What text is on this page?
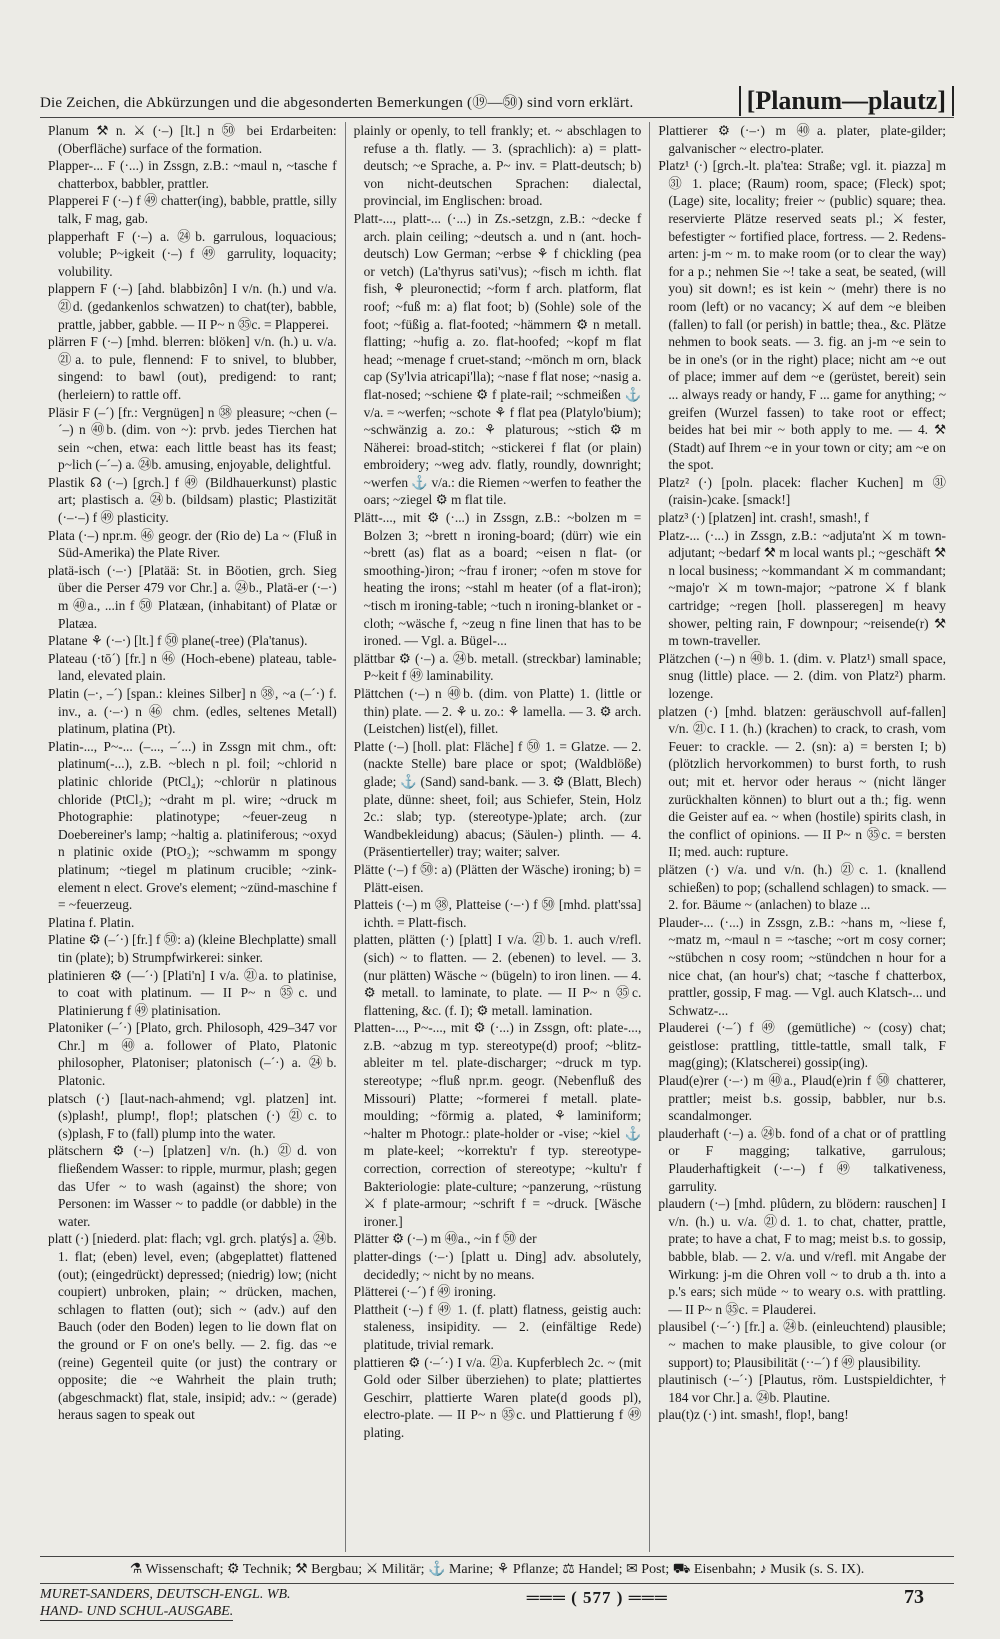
Die Zeichen, die Abkürzungen und die abgesonderten Bemerkungen (⑲—㊿) sind vorn erklärt.	[Planum—plautz]

Planum ⚒ n. ⚔ (·–) [lt.] n ㊿ bei Erdarbeiten: (Oberfläche) surface of the formation.

Plapper-... F (·...) in Zssgn, z.B.: ~maul n, ~tasche f chatterbox, babbler, prattler.

Plapperei F (·–) f ㊾ chatter(ing), babble, prattle, silly talk, F mag, gab.

plapperhaft F (·–) a. ㉔b. garrulous, loquacious; voluble; P~igkeit (·–) f ㊾ garrulity, loquacity; volubility.

plappern F (·–) [ahd. blabbizôn] I v/n. (h.) und v/a. ㉑d. (gedankenlos schwatzen) to chat(ter), babble, prattle, jabber, gabble. — II P~ n ㉟c. = Plapperei.

plärren F (·–) [mhd. blerren: blöken] v/n. (h.) u. v/a. ㉑a. to pule, flennend: F to snivel, to blubber, singend: to bawl (out), predigend: to rant; (herleiern) to rattle off.

Pläsir F (–´) [fr.: Vergnügen] n ㊳ pleasure; ~chen (–´–) n ㊵b. (dim. von ~): prvb. jedes Tierchen hat sein ~chen, etwa: each little beast has its feast; p~lich (–´–) a. ㉔b. amusing, enjoyable, delightful.

Plastik ☊ (·–) [grch.] f ㊾ (Bildhauerkunst) plastic art; plastisch a. ㉔b. (bildsam) plastic; Plastizität (·–·–) f ㊾ plasticity.

Plata (·–) npr.m. ㊻ geogr. der (Rio de) La ~ (Fluß in Süd-Amerika) the Plate River.

platä-isch (·–·) [Platää: St. in Böotien, grch. Sieg über die Perser 479 vor Chr.] a. ㉔b., Platä-er (·–·) m ㊵a., ...in f ㊿ Platæan, (inhabitant) of Platæ or Platæa.

Platane ⚘ (·–·) [lt.] f ㊿ plane(-tree) (Pla'tanus).

Plateau (·tō´) [fr.] n ㊻ (Hoch-ebene) plateau, table-land, elevated plain.

Platin (–·, –´) [span.: kleines Silber] n ㊳, ~a (–´·) f. inv., a. (·–·) n ㊻ chm. (edles, seltenes Metall) platinum, platina (Pt).

Platin-..., P~-... (–..., –´...) in Zssgn mit chm., oft: platinum(-...), z.B. ~blech n pl. foil; ~chlorid n platinic chloride (PtCl₄); ~chlorür n platinous chloride (PtCl₂); ~draht m pl. wire; ~druck m Photographie: platinotype; ~feuer-zeug n Doebereiner's lamp; ~haltig a. platiniferous; ~oxyd n platinic oxide (PtO₂); ~schwamm m spongy platinum; ~tiegel m platinum crucible; ~zink-element n elect. Grove's element; ~zünd-maschine f = ~feuerzeug.

Platina f. Platin.

Platine ⚙ (–´·) [fr.] f ㊿: a) (kleine Blechplatte) small tin (plate); b) Strumpfwirkerei: sinker.

platinieren ⚙ (––´·) [Plati'n] I v/a. ㉑a. to platinise, to coat with platinum. — II P~ n ㉟c. und Platinierung f ㊾ platinisation.

Platoniker (–´·) [Plato, grch. Philosoph, 429–347 vor Chr.] m ㊵a. follower of Plato, Platonic philosopher, Platoniser; platonisch (–´·) a. ㉔b. Platonic.

platsch (·) [laut-nach-ahmend; vgl. platzen] int. (s)plash!, plump!, flop!; platschen (·) ㉑c. to (s)plash, F to (fall) plump into the water.

plätschern ⚙ (·–) [platzen] v/n. (h.) ㉑d. von fließendem Wasser: to ripple, murmur, plash; gegen das Ufer ~ to wash (against) the shore; von Personen: im Wasser ~ to paddle (or dabble) in the water.

platt (·) [niederd. plat: flach; vgl. grch. platýs] a. ㉔b. 1. flat; (eben) level, even; (abgeplattet) flattened (out); (eingedrückt) depressed; (niedrig) low; (nicht coupiert) unbroken, plain; ~ drücken, machen, schlagen to flatten (out); sich ~ (adv.) auf den Bauch (oder den Boden) legen to lie down flat on the ground or F on one's belly. — 2. fig. das ~e (reine) Gegenteil quite (or just) the contrary or opposite; die ~e Wahrheit the plain truth; (abgeschmackt) flat, stale, insipid; adv.: ~ (gerade) heraus sagen to speak out

plainly or openly, to tell frankly; et. ~ abschlagen to refuse a th. flatly. — 3. (sprachlich): a) = platt-deutsch; ~e Sprache, a. P~ inv. = Platt-deutsch; b) von nicht-deutschen Sprachen: dialectal, provincial, im Englischen: broad.

Platt-..., platt-... (·...) in Zs.-setzgn, z.B.: ~decke f arch. plain ceiling; ~deutsch a. und n (ant. hoch-deutsch) Low German; ~erbse ⚘ f chickling (pea or vetch) (La'thyrus sati'vus); ~fisch m ichth. flat fish, ⚘ pleuronectid; ~form f arch. platform, flat roof; ~fuß m: a) flat foot; b) (Sohle) sole of the foot; ~füßig a. flat-footed; ~hämmern ⚙ n metall. flatting; ~hufig a. zo. flat-hoofed; ~kopf m flat head; ~menage f cruet-stand; ~mönch m orn, black cap (Sy'lvia atricapi'lla); ~nase f flat nose; ~nasig a. flat-nosed; ~schiene ⚙ f plate-rail; ~schmeißen ⚓ v/a. = ~werfen; ~schote ⚘ f flat pea (Platylo'bium); ~schwänzig a. zo.: ⚘ platurous; ~stich ⚙ m Näherei: broad-stitch; ~stickerei f flat (or plain) embroidery; ~weg adv. flatly, roundly, downright; ~werfen ⚓ v/a.: die Riemen ~werfen to feather the oars; ~ziegel ⚙ m flat tile.

Plätt-..., mit ⚙ (·...) in Zssgn, z.B.: ~bolzen m = Bolzen 3; ~brett n ironing-board; (dürr) wie ein ~brett (as) flat as a board; ~eisen n flat- (or smoothing-)iron; ~frau f ironer; ~ofen m stove for heating the irons; ~stahl m heater (of a flat-iron); ~tisch m ironing-table; ~tuch n ironing-blanket or -cloth; ~wäsche f, ~zeug n fine linen that has to be ironed. — Vgl. a. Bügel-...

plättbar ⚙ (·–) a. ㉔b. metall. (streckbar) laminable; P~keit f ㊾ laminability.

Plättchen (·–) n ㊵b. (dim. von Platte) 1. (little or thin) plate. — 2. ⚘ u. zo.: ⚘ lamella. — 3. ⚙ arch. (Leistchen) list(el), fillet.

Platte (·–) [holl. plat: Fläche] f ㊿ 1. = Glatze. — 2. (nackte Stelle) bare place or spot; (Waldblöße) glade; ⚓ (Sand) sand-bank. — 3. ⚙ (Blatt, Blech) plate, dünne: sheet, foil; aus Schiefer, Stein, Holz 2c.: slab; typ. (stereotype-)plate; arch. (zur Wandbekleidung) abacus; (Säulen-) plinth. — 4. (Präsentierteller) tray; waiter; salver.

Plätte (·–) f ㊿: a) (Plätten der Wäsche) ironing; b) = Plätt-eisen.

Platteis (·–) m ㊳, Platteise (·–·) f ㊿ [mhd. platt'ssa] ichth. = Platt-fisch.

platten, plätten (·) [platt] I v/a. ㉑b. 1. auch v/refl. (sich) ~ to flatten. — 2. (ebenen) to level. — 3. (nur plätten) Wäsche ~ (bügeln) to iron linen. — 4. ⚙ metall. to laminate, to plate. — II P~ n ㉟c. flattening, &c. (f. I); ⚙ metall. lamination.

Platten-..., P~-..., mit ⚙ (·...) in Zssgn, oft: plate-..., z.B. ~abzug m typ. stereotype(d) proof; ~blitz-ableiter m tel. plate-discharger; ~druck m typ. stereotype; ~fluß npr.m. geogr. (Nebenfluß des Missouri) Platte; ~formerei f metall. plate-moulding; ~förmig a. plated, ⚘ laminiform; ~halter m Photogr.: plate-holder or -vise; ~kiel ⚓ m plate-keel; ~korrektu'r f typ. stereotype-correction, correction of stereotype; ~kultu'r f Bakteriologie: plate-culture; ~panzerung, ~rüstung ⚔ f plate-armour; ~schrift f = ~druck. [Wäsche ironer.]

Plätter ⚙ (·–) m ㊵a., ~in f ㊿ der

platter-dings (·–·) [platt u. Ding] adv. absolutely, decidedly; ~ nicht by no means.

Plätterei (·–´) f ㊾ ironing.

Plattheit (·–) f ㊾ 1. (f. platt) flatness, geistig auch: staleness, insipidity. — 2. (einfältige Rede) platitude, trivial remark.

plattieren ⚙ (·–´·) I v/a. ㉑a. Kupferblech 2c. ~ (mit Gold oder Silber überziehen) to plate; plattiertes Geschirr, plattierte Waren plate(d goods pl), electro-plate. — II P~ n ㉟c. und Plattierung f ㊾ plating.

Plattierer ⚙ (·–·) m ㊵a. plater, plate-gilder; galvanischer ~ electro-plater.

Platz¹ (·) [grch.-lt. pla'tea: Straße; vgl. it. piazza] m ㉛ 1. place; (Raum) room, space; (Fleck) spot; (Lage) site, locality; freier ~ (public) square; thea. reservierte Plätze reserved seats pl.; ⚔ fester, befestigter ~ fortified place, fortress. — 2. Redens-arten: j-m ~ m. to make room (or to clear the way) for a p.; nehmen Sie ~! take a seat, be seated, (will you) sit down!; es ist kein ~ (mehr) there is no room (left) or no vacancy; ⚔ auf dem ~e bleiben (fallen) to fall (or perish) in battle; thea., &c. Plätze nehmen to book seats. — 3. fig. an j-m ~e sein to be in one's (or in the right) place; nicht am ~e out of place; immer auf dem ~e (gerüstet, bereit) sein ... always ready or handy, F ... game for anything; ~ greifen (Wurzel fassen) to take root or effect; beides hat bei mir ~ both apply to me. — 4. ⚒ (Stadt) auf Ihrem ~e in your town or city; am ~e on the spot.

Platz² (·) [poln. placek: flacher Kuchen] m ㉛ (raisin-)cake. [smack!]

platz³ (·) [platzen] int. crash!, smash!, f

Platz-... (·...) in Zssgn, z.B.: ~adjuta'nt ⚔ m town-adjutant; ~bedarf ⚒ m local wants pl.; ~geschäft ⚒ n local business; ~kommandant ⚔ m commandant; ~majo'r ⚔ m town-major; ~patrone ⚔ f blank cartridge; ~regen [holl. plasseregen] m heavy shower, pelting rain, F downpour; ~reisende(r) ⚒ m town-traveller.

Plätzchen (·–) n ㊵b. 1. (dim. v. Platz¹) small space, snug (little) place. — 2. (dim. von Platz²) pharm. lozenge.

platzen (·) [mhd. blatzen: geräuschvoll auf-fallen] v/n. ㉑c. I 1. (h.) (krachen) to crack, to crash, vom Feuer: to crackle. — 2. (sn): a) = bersten I; b) (plötzlich hervorkommen) to burst forth, to rush out; mit et. hervor oder heraus ~ (nicht länger zurückhalten können) to blurt out a th.; fig. wenn die Geister auf ea. ~ when (hostile) spirits clash, in the conflict of opinions. — II P~ n ㉟c. = bersten II; med. auch: rupture.

plätzen (·) v/a. und v/n. (h.) ㉑c. 1. (knallend schießen) to pop; (schallend schlagen) to smack. — 2. for. Bäume ~ (anlachen) to blaze ...

Plauder-... (·...) in Zssgn, z.B.: ~hans m, ~liese f, ~matz m, ~maul n = ~tasche; ~ort m cosy corner; ~stübchen n cosy room; ~stündchen n hour for a nice chat, (an hour's) chat; ~tasche f chatterbox, prattler, gossip, F mag. — Vgl. auch Klatsch-... und Schwatz-...

Plauderei (·–´) f ㊾ (gemütliche) ~ (cosy) chat; geistlose: prattling, tittle-tattle, small talk, F mag(ging); (Klatscherei) gossip(ing).

Plaud(e)rer (·–·) m ㊵a., Plaud(e)rin f ㊿ chatterer, prattler; meist b.s. gossip, babbler, nur b.s. scandalmonger.

plauderhaft (·–) a. ㉔b. fond of a chat or of prattling or F magging; talkative, garrulous; Plauderhaftigkeit (·–·–) f ㊾ talkativeness, garrulity.

plaudern (·–) [mhd. plûdern, zu blödern: rauschen] I v/n. (h.) u. v/a. ㉑d. 1. to chat, chatter, prattle, prate; to have a chat, F to mag; meist b.s. to gossip, babble, blab. — 2. v/a. und v/refl. mit Angabe der Wirkung: j-m die Ohren voll ~ to drub a th. into a p.'s ears; sich müde ~ to weary o.s. with prattling. — II P~ n ㉟c. = Plauderei.

plausibel (·–´·) [fr.] a. ㉔b. (einleuchtend) plausible; ~ machen to make plausible, to give colour (or support) to; Plausibilität (··–´) f ㊾ plausibility.

plautinisch (·–´·) [Plautus, röm. Lustspieldichter, † 184 vor Chr.] a. ㉔b. Plautine.

plau(t)z (·) int. smash!, flop!, bang!

⚗ Wissenschaft; ⚙ Technik; ⚒ Bergbau; ⚔ Militär; ⚓ Marine; ⚘ Pflanze; ⚖ Handel; ✉ Post; ⛟ Eisenbahn; ♪ Musik (s. S. IX).
MURET-SANDERS, DEUTSCH-ENGL. WB.
HAND- UND SCHUL-AUSGABE.
═══ ( 577 ) ═══	73
